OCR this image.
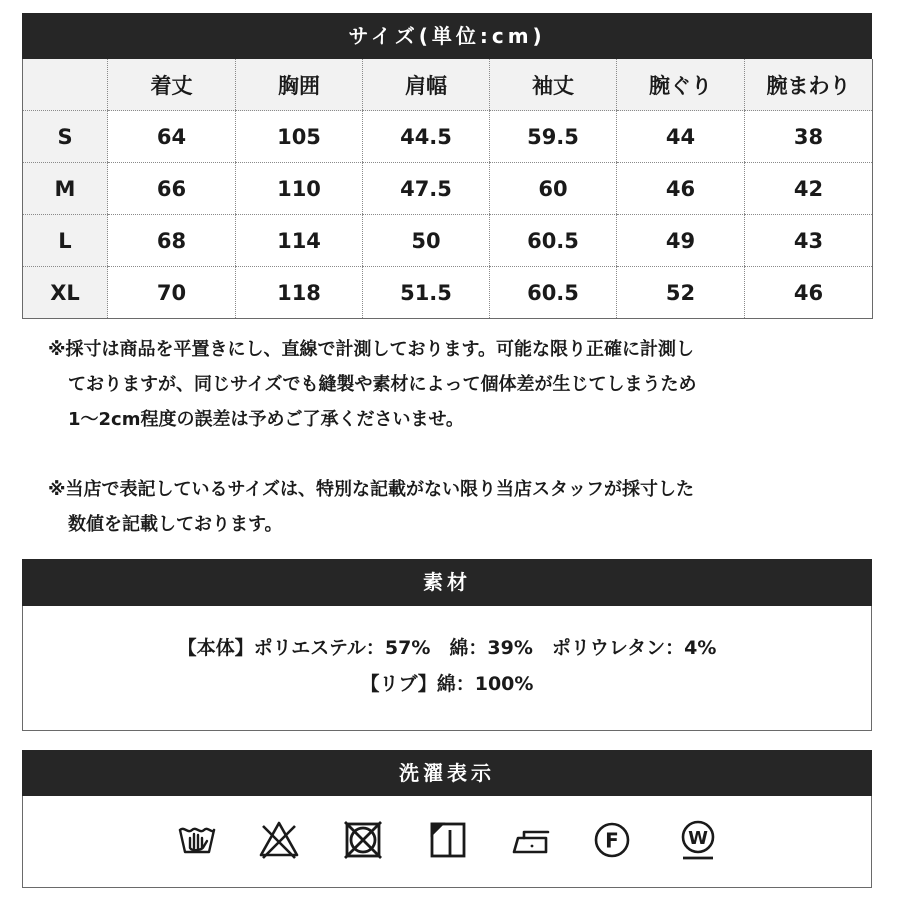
サイズ(単位:cm)
	着丈	胸囲	肩幅	袖丈	腕ぐり	腕まわり
S	64	105	44.5	59.5	44	38
M	66	110	47.5	60	46	42
L	68	114	50	60.5	49	43
XL	70	118	51.5	60.5	52	46
※採寸は商品を平置きにし、直線で計測しております。可能な限り正確に計測し
ておりますが、同じサイズでも縫製や素材によって個体差が生じてしまうため
1～2cm程度の誤差は予めご了承くださいませ。
※当店で表記しているサイズは、特別な記載がない限り当店スタッフが採寸した
数値を記載しております。
素材
【本体】ポリエステル：57%　綿：39%　ポリウレタン：4%
【リブ】綿：100%
洗濯表示
F	W
